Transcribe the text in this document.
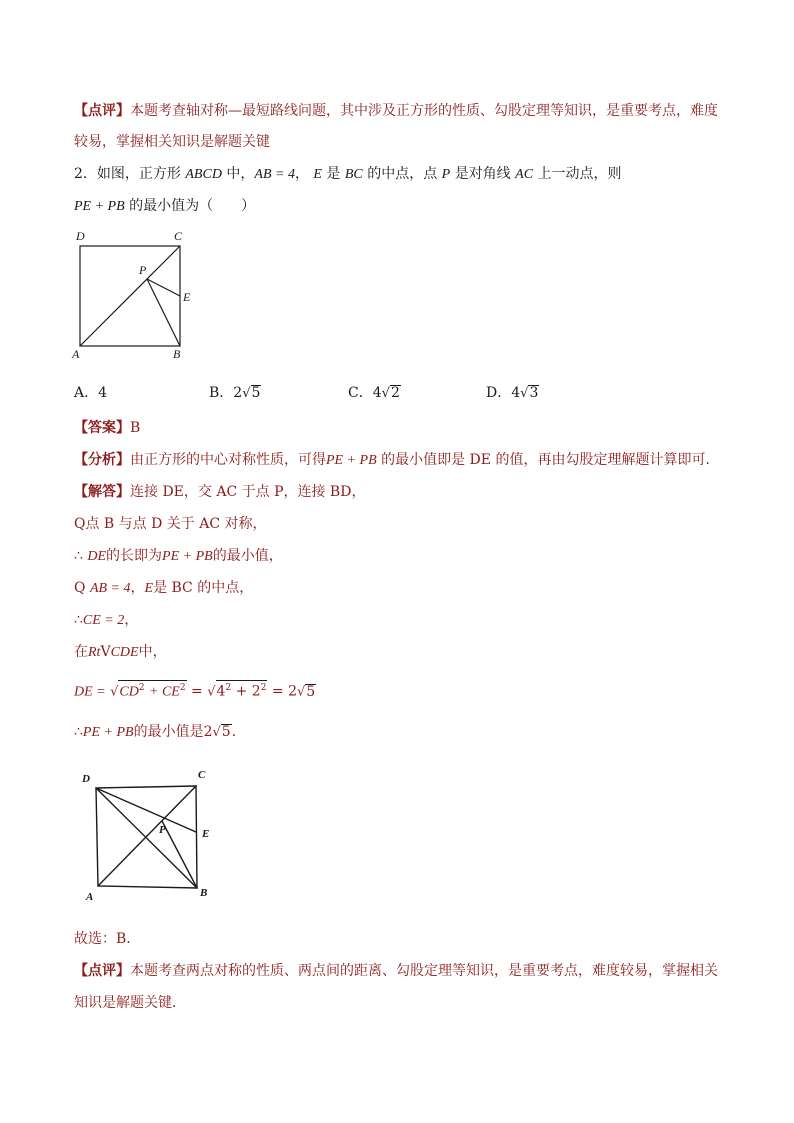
【点评】本题考查轴对称—最短路线问题，其中涉及正方形的性质、勾股定理等知识，是重要考点，难度
较易，掌握相关知识是解题关键
2．如图，正方形 ABCD 中，AB = 4， E 是 BC 的中点，点 P 是对角线 AC 上一动点，则
PE + PB 的最小值为（　　）
D	C
P
E
A	B
A．4	B．2√5	C．4√2	D．4√3
【答案】B
【分析】由正方形的中心对称性质，可得PE + PB 的最小值即是 DE 的值，再由勾股定理解题计算即可．
【解答】连接 DE，交 AC 于点 P，连接 BD，
Q点 B 与点 D 关于 AC 对称，
∴ DE的长即为PE + PB的最小值，
Q AB = 4，E是 BC 的中点，
∴CE = 2，
在RtVCDE中，
DE = $√CD^2 + CE^2 = √4^2 + 2^2 = 2√5$
∴PE + PB的最小值是2√5．
D	C
P	E
A	B
故选：B．
【点评】本题考查两点对称的性质、两点间的距离、勾股定理等知识，是重要考点，难度较易，掌握相关
知识是解题关键．
